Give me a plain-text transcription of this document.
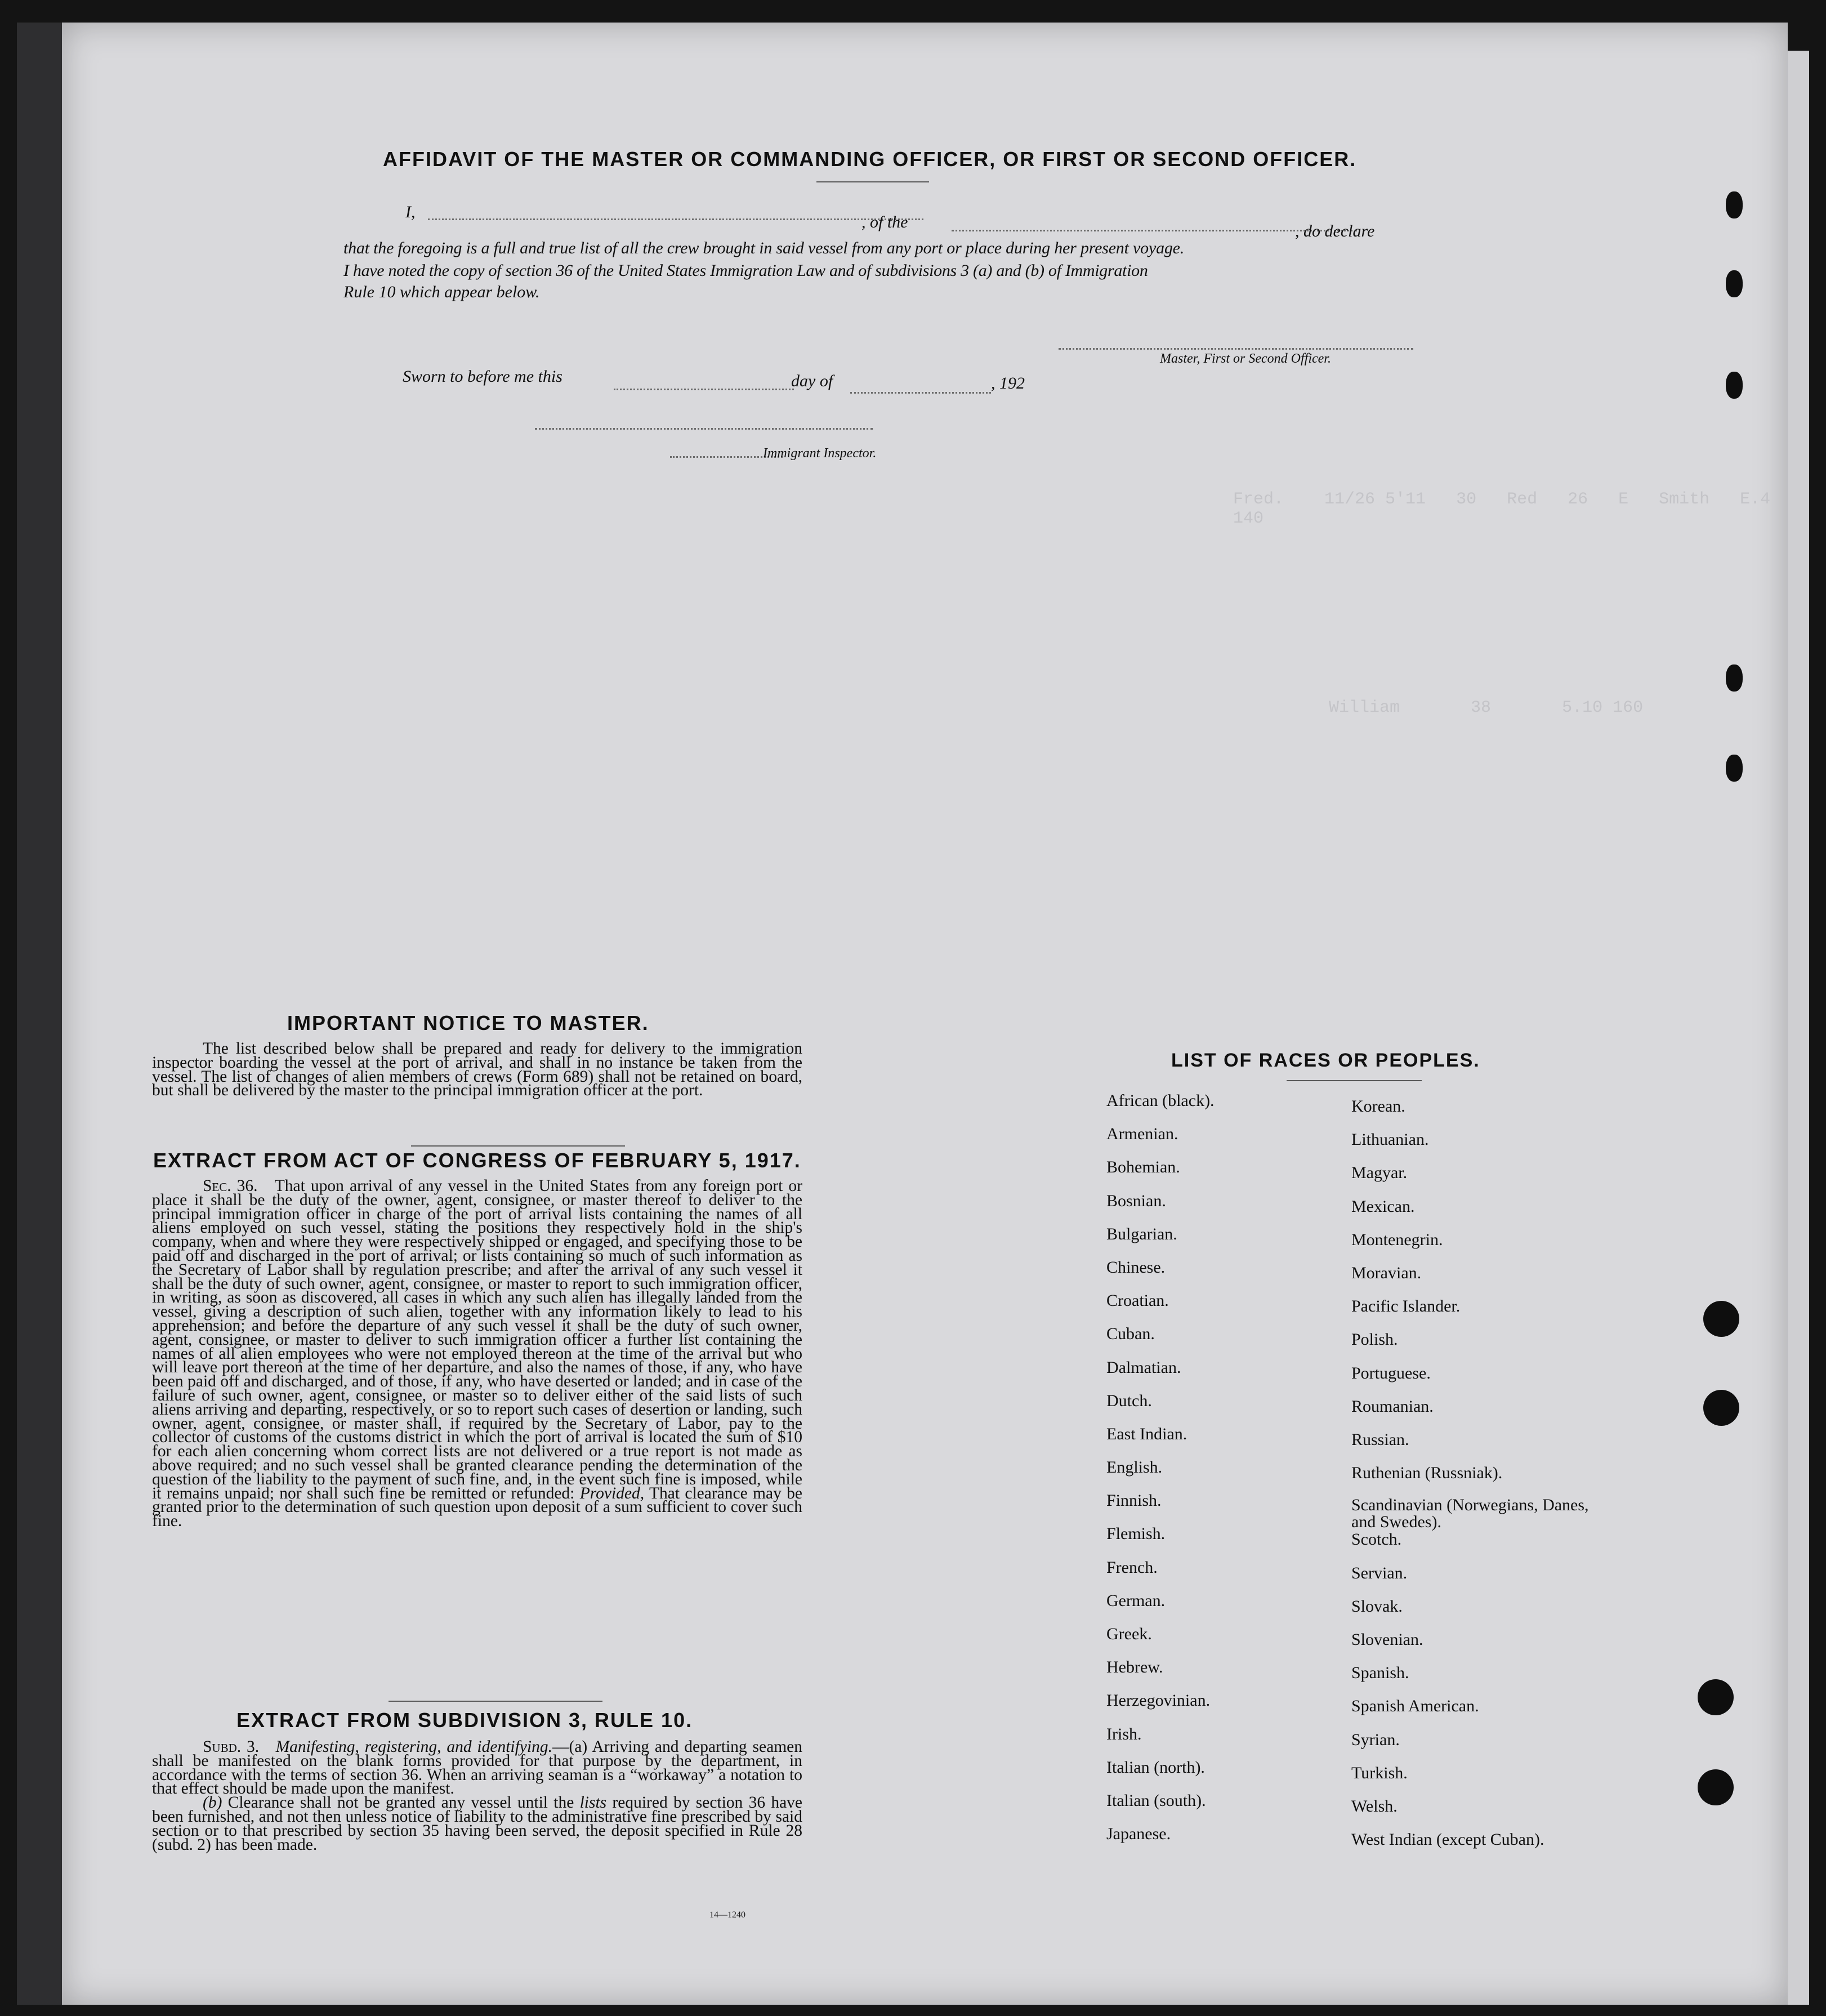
Fred.    11/26 5'11   30   Red   26   E   Smith   E.4 140
William       38       5.10 160
AFFIDAVIT OF THE MASTER OR COMMANDING OFFICER, OR FIRST OR SECOND OFFICER.
I,
, of the	, do declare
that the foregoing is a full and true list of all the crew brought in said vessel from any port or place during her present voyage.
I have noted the copy of section 36 of the United States Immigration Law and of subdivisions 3 (a) and (b) of Immigration
Rule 10 which appear below.
Master, First or Second Officer.
Sworn to before me this	day of	, 192
Immigrant Inspector.
IMPORTANT NOTICE TO MASTER.

The list described below shall be prepared and ready for delivery to the immigration inspector boarding the vessel at the port of arrival, and shall in no instance be taken from the vessel. The list of changes of alien members of crews (Form 689) shall not be retained on board, but shall be delivered by the master to the principal immigration officer at the port.

EXTRACT FROM ACT OF CONGRESS OF FEBRUARY 5, 1917.

Sec. 36. That upon arrival of any vessel in the United States from any foreign port or place it shall be the duty of the owner, agent, consignee, or master thereof to deliver to the principal immigration officer in charge of the port of arrival lists containing the names of all aliens employed on such vessel, stating the positions they respectively hold in the ship's company, when and where they were respectively shipped or engaged, and specifying those to be paid off and discharged in the port of arrival; or lists containing so much of such information as the Secretary of Labor shall by regulation prescribe; and after the arrival of any such vessel it shall be the duty of such owner, agent, consignee, or master to report to such immigration officer, in writing, as soon as discovered, all cases in which any such alien has illegally landed from the vessel, giving a description of such alien, together with any information likely to lead to his apprehension; and before the departure of any such vessel it shall be the duty of such owner, agent, consignee, or master to deliver to such immigration officer a further list containing the names of all alien employees who were not employed thereon at the time of the arrival but who will leave port thereon at the time of her departure, and also the names of those, if any, who have been paid off and discharged, and of those, if any, who have deserted or landed; and in case of the failure of such owner, agent, consignee, or master so to deliver either of the said lists of such aliens arriving and departing, respectively, or so to report such cases of desertion or landing, such owner, agent, consignee, or master shall, if required by the Secretary of Labor, pay to the collector of customs of the customs district in which the port of arrival is located the sum of $10 for each alien concerning whom correct lists are not delivered or a true report is not made as above required; and no such vessel shall be granted clearance pending the determination of the question of the liability to the payment of such fine, and, in the event such fine is imposed, while it remains unpaid; nor shall such fine be remitted or refunded: Provided, That clearance may be granted prior to the determination of such question upon deposit of a sum sufficient to cover such fine.

EXTRACT FROM SUBDIVISION 3, RULE 10.

Subd. 3. Manifesting, registering, and identifying.—(a) Arriving and departing seamen shall be manifested on the blank forms provided for that purpose by the department, in accordance with the terms of section 36. When an arriving seaman is a “workaway” a notation to that effect should be made upon the manifest.

(b) Clearance shall not be granted any vessel until the lists required by section 36 have been furnished, and not then unless notice of liability to the administrative fine prescribed by said section or to that prescribed by section 35 having been served, the deposit specified in Rule 28 (subd. 2) has been made.

14—1240
LIST OF RACES OR PEOPLES.
African (black).
Armenian.
Bohemian.
Bosnian.
Bulgarian.
Chinese.
Croatian.
Cuban.
Dalmatian.
Dutch.
East Indian.
English.
Finnish.
Flemish.
French.
German.
Greek.
Hebrew.
Herzegovinian.
Irish.
Italian (north).
Italian (south).
Japanese.
Korean.
Lithuanian.
Magyar.
Mexican.
Montenegrin.
Moravian.
Pacific Islander.
Polish.
Portuguese.
Roumanian.
Russian.
Ruthenian (Russniak).
Scandinavian (Norwegians, Danes, and Swedes).
Scotch.
Servian.
Slovak.
Slovenian.
Spanish.
Spanish American.
Syrian.
Turkish.
Welsh.
West Indian (except Cuban).
